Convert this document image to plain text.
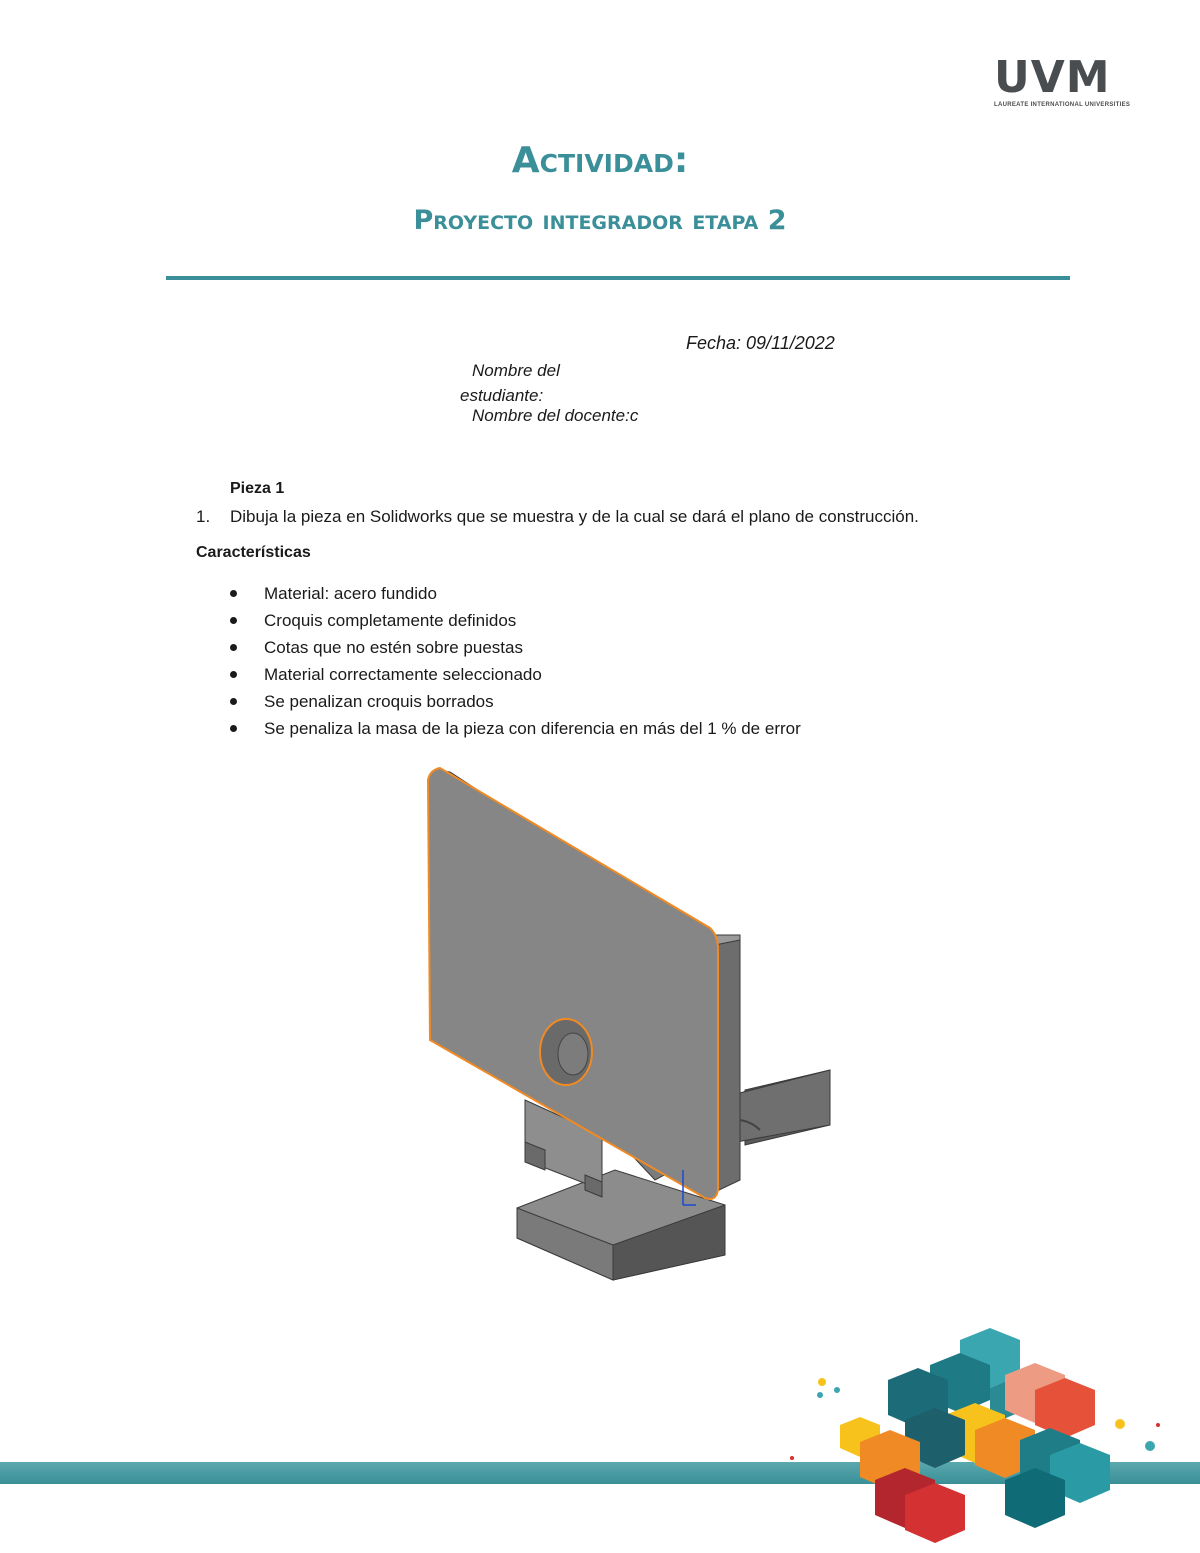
UVM
LAUREATE INTERNATIONAL UNIVERSITIES
Actividad:
Proyecto integrador etapa 2
Fecha: 09/11/2022
Nombre del
estudiante:
Nombre del docente:c
Pieza 1
1. Dibuja la pieza en Solidworks que se muestra y de la cual se dará el plano de construcción.
Características
Material: acero fundido
Croquis completamente definidos
Cotas que no estén sobre puestas
Material correctamente seleccionado
Se penalizan croquis borrados
Se penaliza la masa de la pieza con diferencia en más del 1 % de error
